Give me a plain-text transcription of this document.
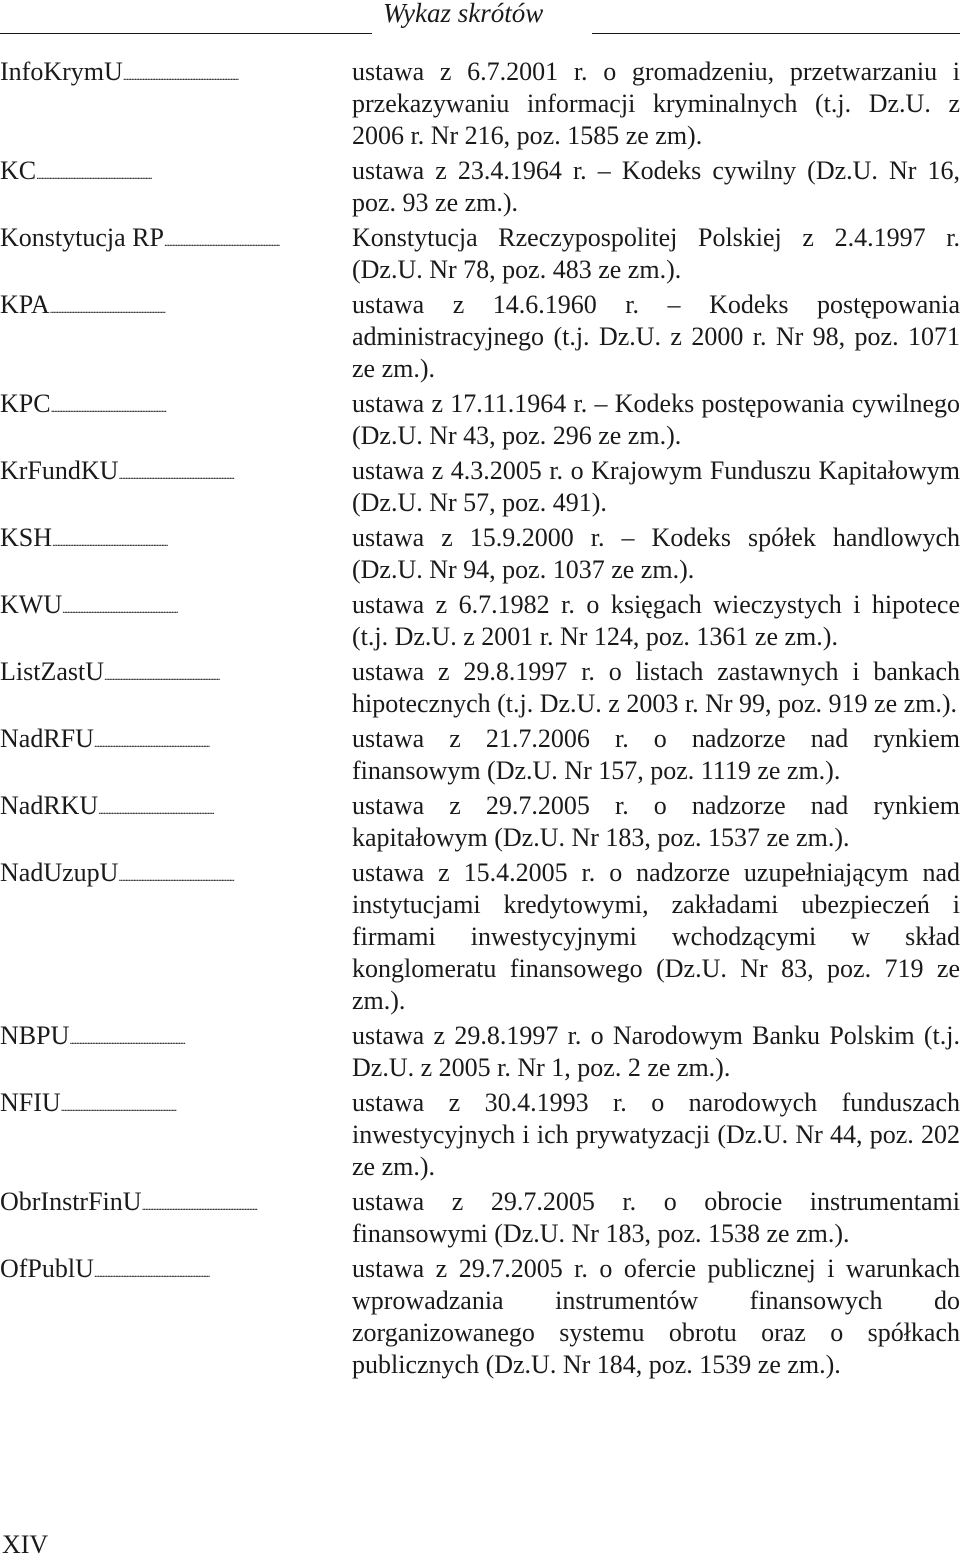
Wykaz skrótów
InfoKrymU . . .	ustawa z 6.7.2001 r. o gromadzeniu, przetwarzaniu i przekazywaniu informacji kryminalnych (t.j. Dz.U. z 2006 r. Nr 216, poz. 1585 ze zm).
KC . . .	ustawa z 23.4.1964 r. – Kodeks cywilny (Dz.U. Nr 16, poz. 93 ze zm.).
Konstytucja RP . . .	Konstytucja Rzeczypospolitej Polskiej z 2.4.1997 r. (Dz.U. Nr 78, poz. 483 ze zm.).
KPA . . .	ustawa z 14.6.1960 r. – Kodeks postępowania administracyjnego (t.j. Dz.U. z 2000 r. Nr 98, poz. 1071 ze zm.).
KPC . . .	ustawa z 17.11.1964 r. – Kodeks postępowania cywilnego (Dz.U. Nr 43, poz. 296 ze zm.).
KrFundKU . . .	ustawa z 4.3.2005 r. o Krajowym Funduszu Kapitałowym (Dz.U. Nr 57, poz. 491).
KSH . . .	ustawa z 15.9.2000 r. – Kodeks spółek handlowych (Dz.U. Nr 94, poz. 1037 ze zm.).
KWU . . .	ustawa z 6.7.1982 r. o księgach wieczystych i hipotece (t.j. Dz.U. z 2001 r. Nr 124, poz. 1361 ze zm.).
ListZastU . . .	ustawa z 29.8.1997 r. o listach zastawnych i bankach hipotecznych (t.j. Dz.U. z 2003 r. Nr 99, poz. 919 ze zm.).
NadRFU . . .	ustawa z 21.7.2006 r. o nadzorze nad rynkiem finansowym (Dz.U. Nr 157, poz. 1119 ze zm.).
NadRKU . . .	ustawa z 29.7.2005 r. o nadzorze nad rynkiem kapitałowym (Dz.U. Nr 183, poz. 1537 ze zm.).
NadUzupU . . .	ustawa z 15.4.2005 r. o nadzorze uzupełniającym nad instytucjami kredytowymi, zakładami ubezpieczeń i firmami inwestycyjnymi wchodzącymi w skład konglomeratu finansowego (Dz.U. Nr 83, poz. 719 ze zm.).
NBPU . . .	ustawa z 29.8.1997 r. o Narodowym Banku Polskim (t.j. Dz.U. z 2005 r. Nr 1, poz. 2 ze zm.).
NFIU . . .	ustawa z 30.4.1993 r. o narodowych funduszach inwestycyjnych i ich prywatyzacji (Dz.U. Nr 44, poz. 202 ze zm.).
ObrInstrFinU . . .	ustawa z 29.7.2005 r. o obrocie instrumentami finansowymi (Dz.U. Nr 183, poz. 1538 ze zm.).
OfPublU . . .	ustawa z 29.7.2005 r. o ofercie publicznej i warunkach wprowadzania instrumentów finansowych do zorganizowanego systemu obrotu oraz o spółkach publicznych (Dz.U. Nr 184, poz. 1539 ze zm.).
XIV
